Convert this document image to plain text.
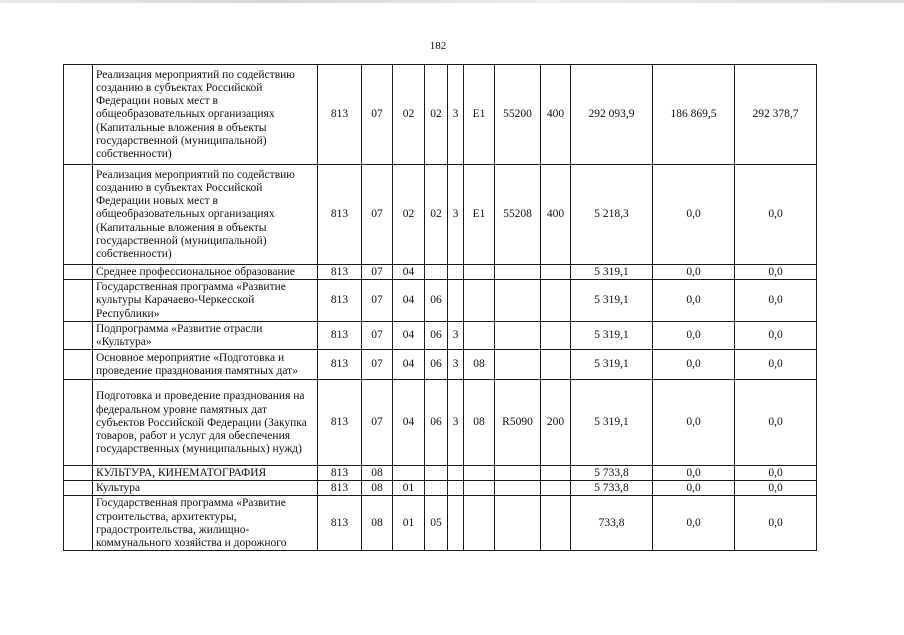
182
	Реализация мероприятий по содействию созданию в субъектах Российской Федерации новых мест в общеобразовательных организациях (Капитальные вложения в объекты государственной (муниципальной) собственности)	813	07	02	02	3	E1	55200	400	292 093,9	186 869,5	292 378,7
	Реализация мероприятий по содействию созданию в субъектах Российской Федерации новых мест в общеобразовательных организациях (Капитальные вложения в объекты государственной (муниципальной) собственности)	813	07	02	02	3	E1	55208	400	5 218,3	0,0	0,0
	Среднее профессиональное образование	813	07	04						5 319,1	0,0	0,0
	Государственная программа «Развитие культуры Карачаево-Черкесской Республики»	813	07	04	06					5 319,1	0,0	0,0
	Подпрограмма «Развитие отрасли «Культура»	813	07	04	06	3				5 319,1	0,0	0,0
	Основное мероприятие «Подготовка и проведение празднования памятных дат»	813	07	04	06	3	08			5 319,1	0,0	0,0
	Подготовка и проведение празднования на федеральном уровне памятных дат субъектов Российской Федерации (Закупка товаров, работ и услуг для обеспечения государственных (муниципальных) нужд)	813	07	04	06	3	08	R5090	200	5 319,1	0,0	0,0
	КУЛЬТУРА, КИНЕМАТОГРАФИЯ	813	08							5 733,8	0,0	0,0
	Культура	813	08	01						5 733,8	0,0	0,0
	Государственная программа «Развитие строительства, архитектуры, градостроительства, жилищно-коммунального хозяйства и дорожного	813	08	01	05					733,8	0,0	0,0
